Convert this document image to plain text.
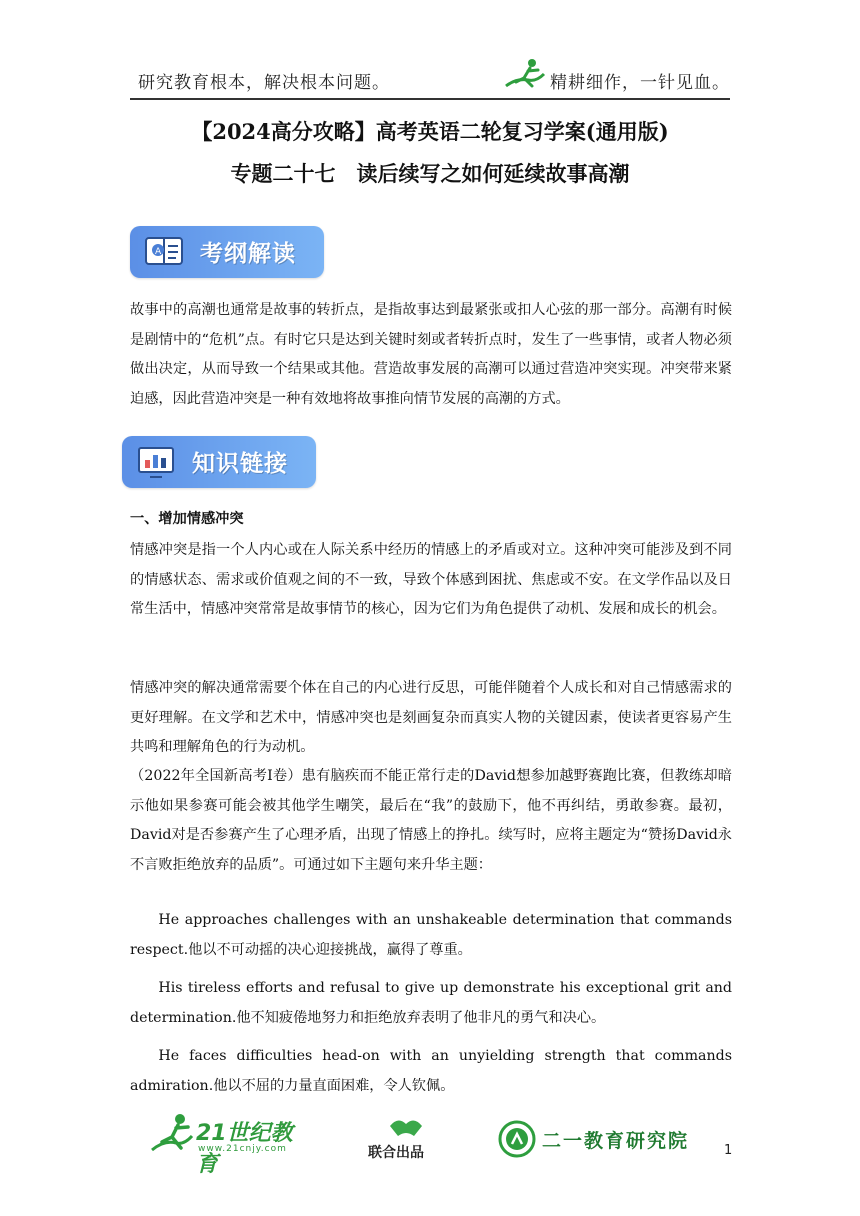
研究教育根本，解决根本问题。	精耕细作，一针见血。
【2024高分攻略】高考英语二轮复习学案(通用版)
专题二十七　读后续写之如何延续故事高潮
A 考纲解读
故事中的高潮也通常是故事的转折点，是指故事达到最紧张或扣人心弦的那一部分。高潮有时候是剧情中的“危机”点。有时它只是达到关键时刻或者转折点时，发生了一些事情，或者人物必须做出决定，从而导致一个结果或其他。营造故事发展的高潮可以通过营造冲突实现。冲突带来紧迫感，因此营造冲突是一种有效地将故事推向情节发展的高潮的方式。
知识链接
一、增加情感冲突
情感冲突是指一个人内心或在人际关系中经历的情感上的矛盾或对立。这种冲突可能涉及到不同的情感状态、需求或价值观之间的不一致，导致个体感到困扰、焦虑或不安。在文学作品以及日常生活中，情感冲突常常是故事情节的核心，因为它们为角色提供了动机、发展和成长的机会。
情感冲突的解决通常需要个体在自己的内心进行反思，可能伴随着个人成长和对自己情感需求的更好理解。在文学和艺术中，情感冲突也是刻画复杂而真实人物的关键因素，使读者更容易产生共鸣和理解角色的行为动机。
（2022年全国新高考I卷）患有脑疾而不能正常行走的David想参加越野赛跑比赛，但教练却暗示他如果参赛可能会被其他学生嘲笑，最后在“我”的鼓励下，他不再纠结，勇敢参赛。最初，David对是否参赛产生了心理矛盾，出现了情感上的挣扎。续写时，应将主题定为“赞扬David永不言败拒绝放弃的品质”。可通过如下主题句来升华主题：
He approaches challenges with an unshakeable determination that commands respect.他以不可动摇的决心迎接挑战，赢得了尊重。
His tireless efforts and refusal to give up demonstrate his exceptional grit and determination.他不知疲倦地努力和拒绝放弃表明了他非凡的勇气和决心。
He faces difficulties head-on with an unyielding strength that commands admiration.他以不屈的力量直面困难，令人钦佩。
21世纪教育
www.21cnjy.com	联合出品
二一教育研究院	1
